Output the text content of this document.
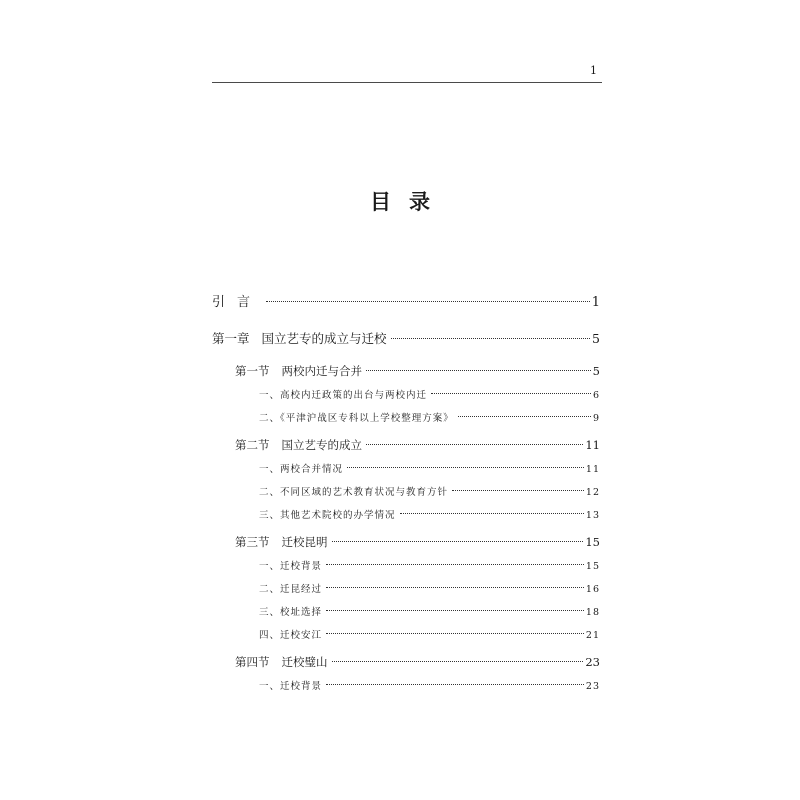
1
目录
引言	1
第一章 国立艺专的成立与迁校	5
第一节 两校内迁与合并	5
一、高校内迁政策的出台与两校内迁	6
二、《平津沪战区专科以上学校整理方案》	9
第二节 国立艺专的成立	11
一、两校合并情况	11
二、不同区域的艺术教育状况与教育方针	12
三、其他艺术院校的办学情况	13
第三节 迁校昆明	15
一、迁校背景	15
二、迁昆经过	16
三、校址选择	18
四、迁校安江	21
第四节 迁校璧山	23
一、迁校背景	23
